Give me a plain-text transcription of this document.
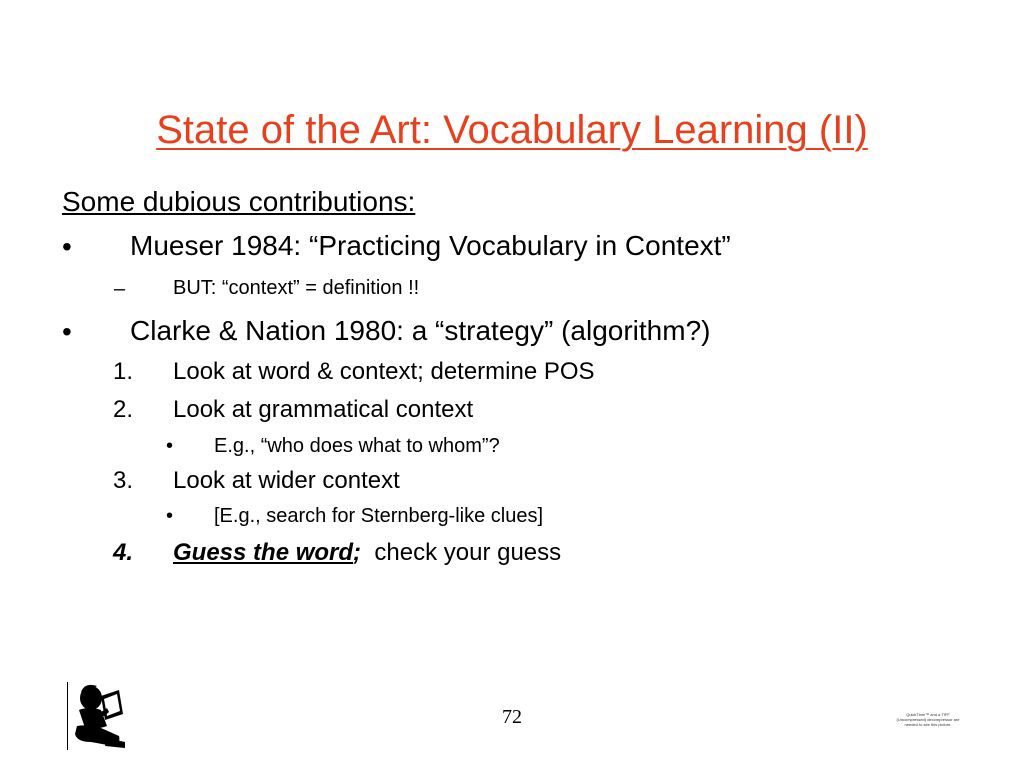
State of the Art: Vocabulary Learning (II)
Some dubious contributions:
• Mueser 1984: “Practicing Vocabulary in Context”
– BUT: “context” = definition !!
• Clarke & Nation 1980: a “strategy” (algorithm?)
1. Look at word & context; determine POS
2. Look at grammatical context
• E.g., “who does what to whom”?
3. Look at wider context
• [E.g., search for Sternberg-like clues]
4. Guess the word; check your guess
72	QuickTime™ and a TIFF (Uncompressed) decompressor are needed to see this picture.
